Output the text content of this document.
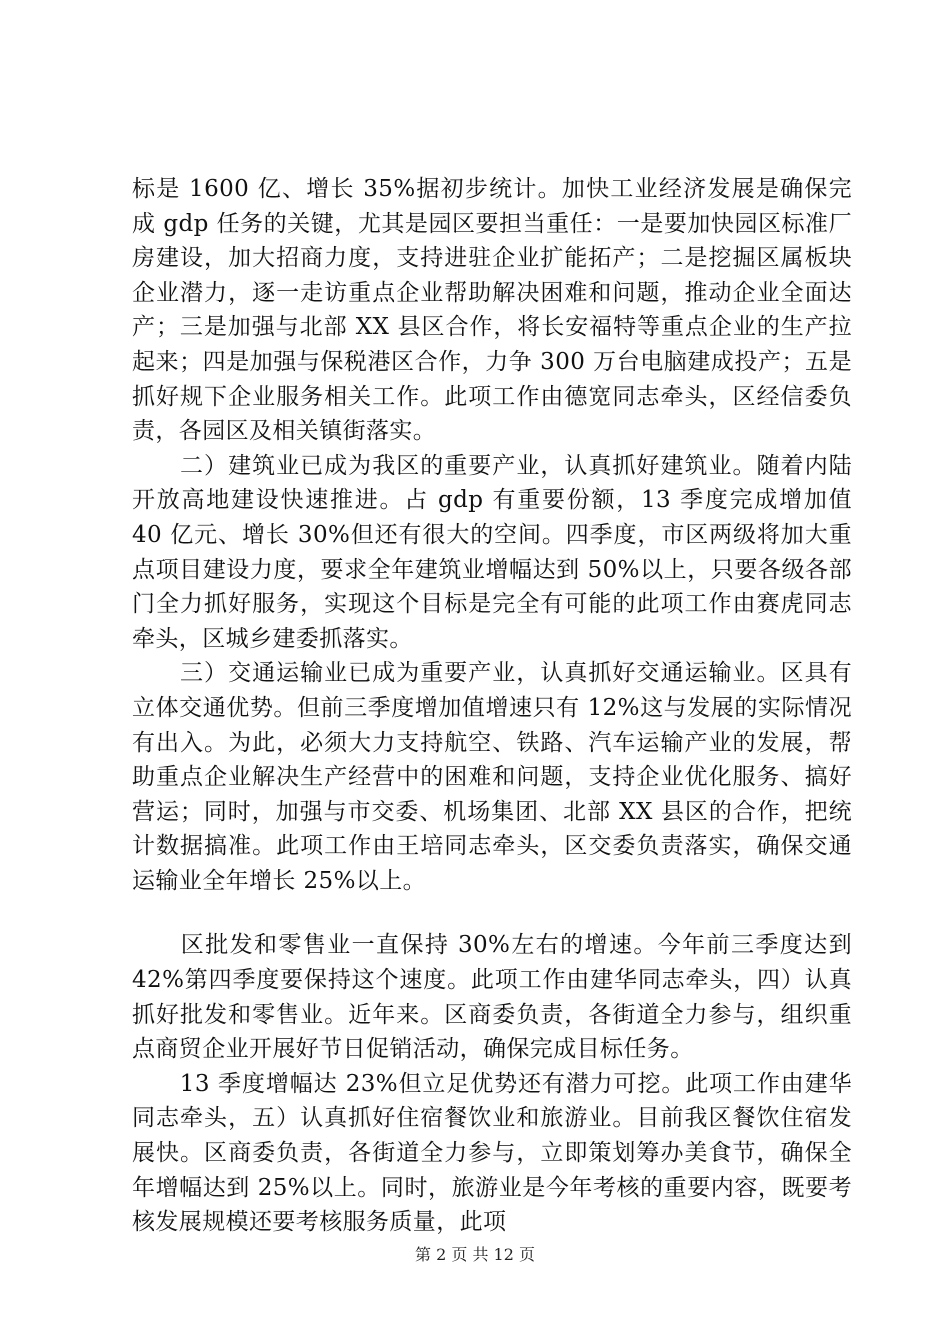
标是 1600 亿、增长 35%据初步统计。加快工业经济发展是确保完成 gdp 任务的关键，尤其是园区要担当重任：一是要加快园区标准厂房建设，加大招商力度，支持进驻企业扩能拓产；二是挖掘区属板块企业潜力，逐一走访重点企业帮助解决困难和问题，推动企业全面达产；三是加强与北部 XX 县区合作，将长安福特等重点企业的生产拉起来；四是加强与保税港区合作，力争 300 万台电脑建成投产；五是抓好规下企业服务相关工作。此项工作由德宽同志牵头，区经信委负责，各园区及相关镇街落实。

　　二）建筑业已成为我区的重要产业，认真抓好建筑业。随着内陆开放高地建设快速推进。占 gdp 有重要份额，13 季度完成增加值 40 亿元、增长 30%但还有很大的空间。四季度，市区两级将加大重点项目建设力度，要求全年建筑业增幅达到 50%以上，只要各级各部门全力抓好服务，实现这个目标是完全有可能的此项工作由赛虎同志牵头，区城乡建委抓落实。

　　三）交通运输业已成为重要产业，认真抓好交通运输业。区具有立体交通优势。但前三季度增加值增速只有 12%这与发展的实际情况有出入。为此，必须大力支持航空、铁路、汽车运输产业的发展，帮助重点企业解决生产经营中的困难和问题，支持企业优化服务、搞好营运；同时，加强与市交委、机场集团、北部 XX 县区的合作，把统计数据搞准。此项工作由王培同志牵头，区交委负责落实，确保交通运输业全年增长 25%以上。

　　区批发和零售业一直保持 30%左右的增速。今年前三季度达到 42%第四季度要保持这个速度。此项工作由建华同志牵头，四）认真抓好批发和零售业。近年来。区商委负责，各街道全力参与，组织重点商贸企业开展好节日促销活动，确保完成目标任务。

　　13 季度增幅达 23%但立足优势还有潜力可挖。此项工作由建华同志牵头，五）认真抓好住宿餐饮业和旅游业。目前我区餐饮住宿发展快。区商委负责，各街道全力参与，立即策划筹办美食节，确保全年增幅达到 25%以上。同时，旅游业是今年考核的重要内容，既要考核发展规模还要考核服务质量，此项

第 2 页 共 12 页
